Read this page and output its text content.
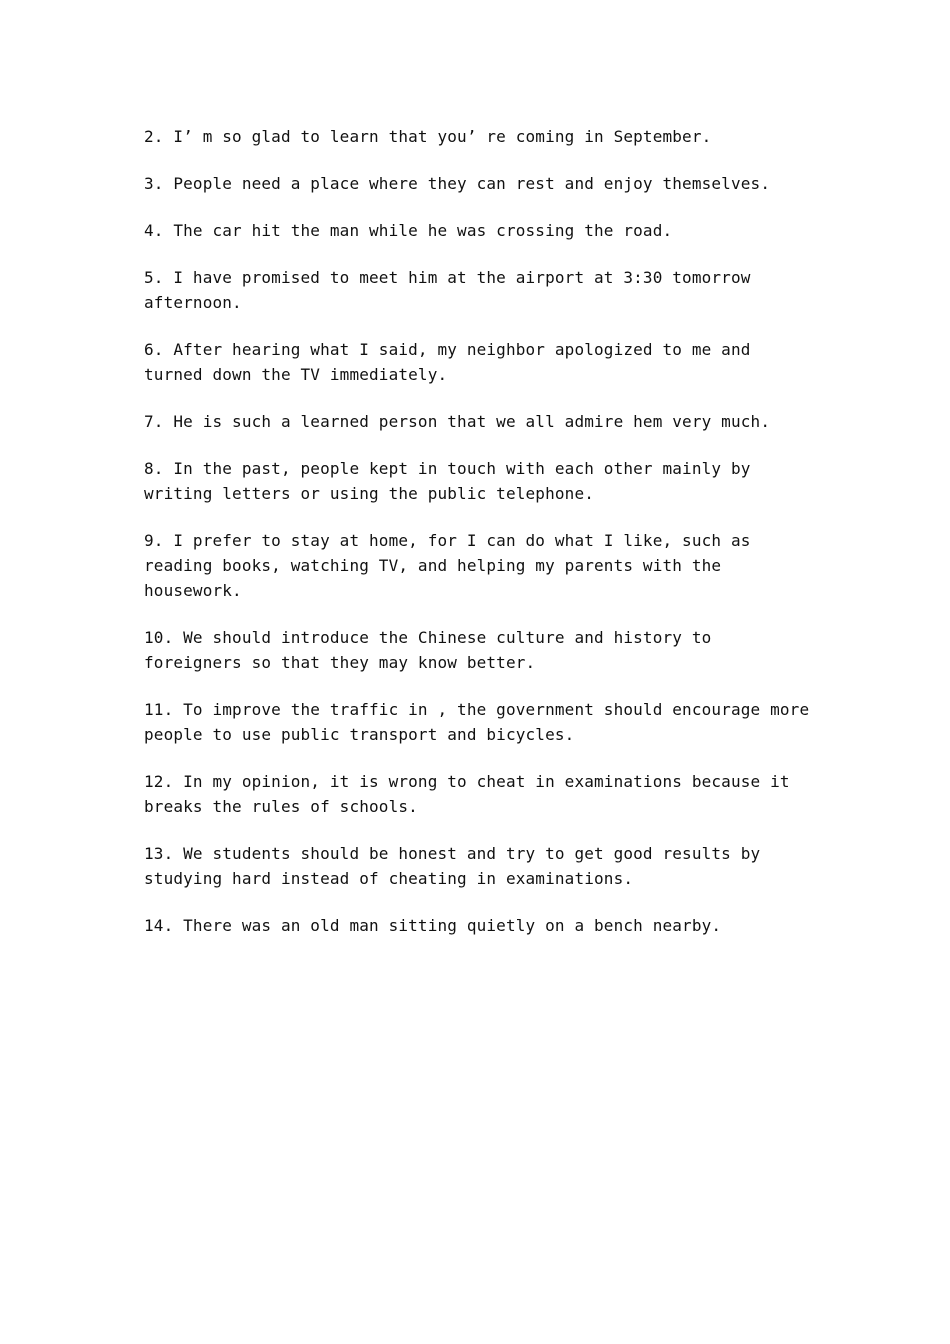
2. I’ m so glad to learn that you’ re coming in September.

3. People need a place where they can rest and enjoy themselves.

4. The car hit the man while he was crossing the road.

5. I have promised to meet him at the airport at 3:30 tomorrow afternoon.

6. After hearing what I said, my neighbor apologized to me and turned down the TV immediately.

7. He is such a learned person that we all admire hem very much.

8. In the past, people kept in touch with each other mainly by writing letters or using the public telephone.

9. I prefer to stay at home, for I can do what I like, such as reading books, watching TV, and helping my parents with the housework.

10. We should introduce the Chinese culture and history to foreigners so that they may know better.

11. To improve the traffic in , the government should encourage more people to use public transport and bicycles.

12. In my opinion, it is wrong to cheat in examinations because it breaks the rules of schools.

13. We students should be honest and try to get good results by studying hard instead of cheating in examinations.

14. There was an old man sitting quietly on a bench nearby.
